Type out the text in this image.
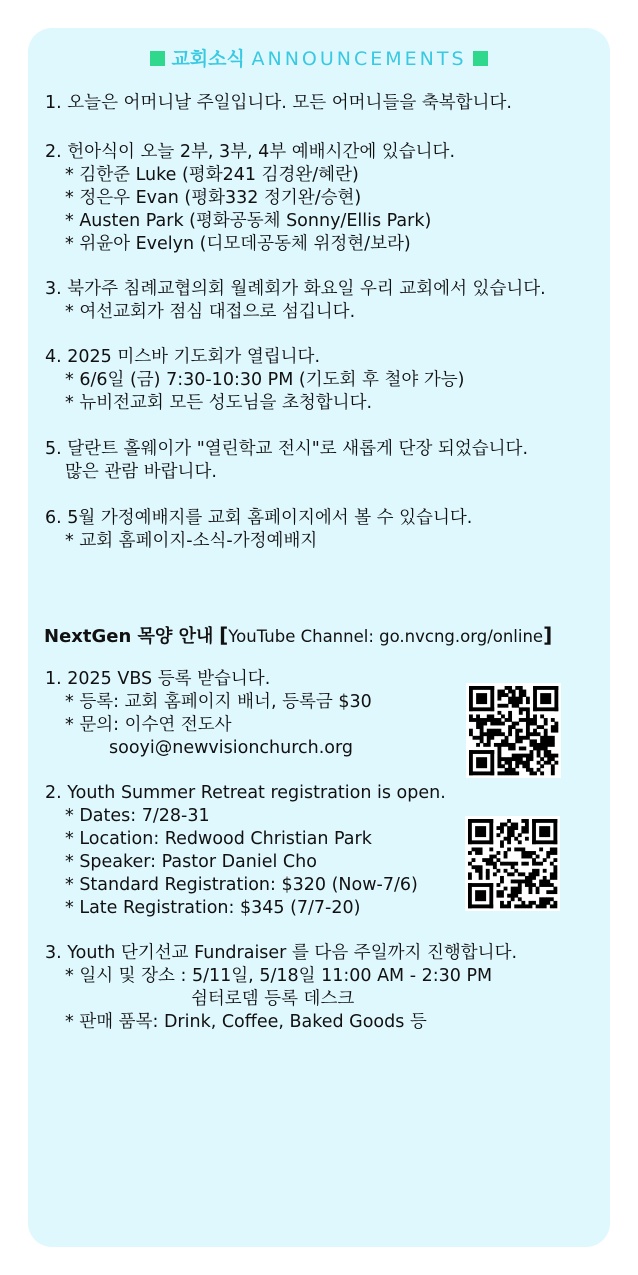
교회소식 ANNOUNCEMENTS
1. 오늘은 어머니날 주일입니다. 모든 어머니들을 축복합니다.
2. 헌아식이 오늘 2부, 3부, 4부 예배시간에 있습니다.
* 김한준 Luke (평화241 김경완/혜란)
* 정은우 Evan (평화332 정기완/승현)
* Austen Park (평화공동체 Sonny/Ellis Park)
* 위윤아 Evelyn (디모데공동체 위정현/보라)
3. 북가주 침례교협의회 월례회가 화요일 우리 교회에서 있습니다.
* 여선교회가 점심 대접으로 섬깁니다.
4. 2025 미스바 기도회가 열립니다.
* 6/6일 (금) 7:30-10:30 PM (기도회 후 철야 가능)
* 뉴비전교회 모든 성도님을 초청합니다.
5. 달란트 홀웨이가 "열린학교 전시"로 새롭게 단장 되었습니다.
많은 관람 바랍니다.
6. 5월 가정예배지를 교회 홈페이지에서 볼 수 있습니다.
* 교회 홈페이지-소식-가정예배지
NextGen 목양 안내 [YouTube Channel: go.nvcng.org/online]
1. 2025 VBS 등록 받습니다.
* 등록: 교회 홈페이지 배너, 등록금 $30
* 문의: 이수연 전도사
sooyi@newvisionchurch.org
2. Youth Summer Retreat registration is open.
* Dates: 7/28-31
* Location: Redwood Christian Park
* Speaker: Pastor Daniel Cho
* Standard Registration: $320 (Now-7/6)
* Late Registration: $345 (7/7-20)
3. Youth 단기선교 Fundraiser 를 다음 주일까지 진행합니다.
* 일시 및 장소 : 5/11일, 5/18일 11:00 AM - 2:30 PM
쉼터로뎀 등록 데스크
* 판매 품목: Drink, Coffee, Baked Goods 등
